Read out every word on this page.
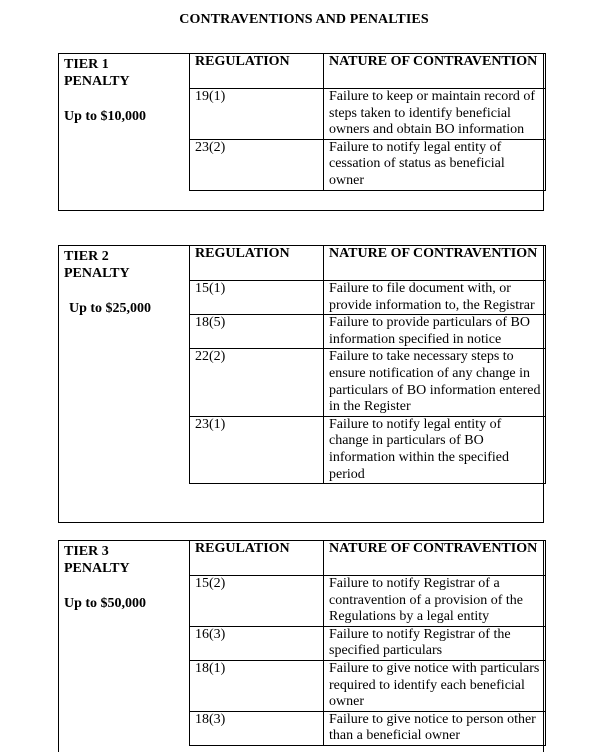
CONTRAVENTIONS AND PENALTIES
TIER 1
PENALTY
Up to $10,000
REGULATION	NATURE OF CONTRAVENTION
19(1)	Failure to keep or maintain record of steps taken to identify beneficial owners and obtain BO information
23(2)	Failure to notify legal entity of cessation of status as beneficial owner
TIER 2
PENALTY
Up to $25,000
REGULATION	NATURE OF CONTRAVENTION
15(1)	Failure to file document with, or provide information to, the Registrar
18(5)	Failure to provide particulars of BO information specified in notice
22(2)	Failure to take necessary steps to ensure notification of any change in particulars of BO information entered in the Register
23(1)	Failure to notify legal entity of change in particulars of BO information within the specified period
TIER 3
PENALTY
Up to $50,000
REGULATION	NATURE OF CONTRAVENTION
15(2)	Failure to notify Registrar of a contravention of a provision of the Regulations by a legal entity
16(3)	Failure to notify Registrar of the specified particulars
18(1)	Failure to give notice with particulars required to identify each beneficial owner
18(3)	Failure to give notice to person other than a beneficial owner
